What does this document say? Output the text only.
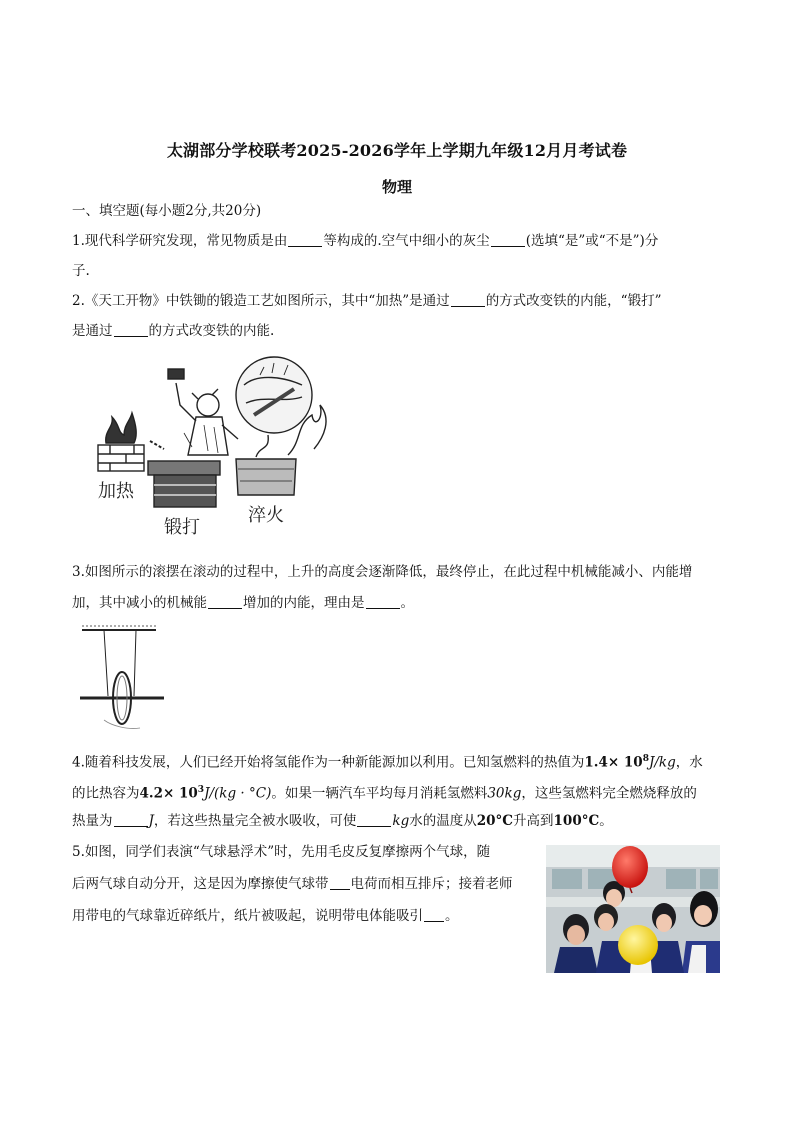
太湖部分学校联考2025-2026学年上学期九年级12月月考试卷
物理
一、填空题(每小题2分,共20分)
1.现代科学研究发现，常见物质是由	等构成的.空气中细小的灰尘	(选填“是”或“不是”)分
子.
2.《天工开物》中铁锄的锻造工艺如图所示，其中“加热”是通过	的方式改变铁的内能，“锻打”
是通过	的方式改变铁的内能.
加热
锻打
淬火
3.如图所示的滚摆在滚动的过程中，上升的高度会逐渐降低，最终停止，在此过程中机械能减小、内能增
加，其中减小的机械能	增加的内能，理由是	。
4.随着科技发展，人们已经开始将氢能作为一种新能源加以利用。已知氢燃料的热值为$1.4\times 10^8J/kg$，水
的比热容为$4.2\times 10^3J/(kg \cdot ^\circ C)$。如果一辆汽车平均每月消耗氢燃料30kg，这些氢燃料完全燃烧释放的
热量为	J，若这些热量完全被水吸收，可使	kg水的温度从20°C升高到100°C。
5.如图，同学们表演“气球悬浮术”时，先用毛皮反复摩擦两个气球，随
后两气球自动分开，这是因为摩擦使气球带 电荷而相互排斥；接着老师
用带电的气球靠近碎纸片，纸片被吸起，说明带电体能吸引 。
